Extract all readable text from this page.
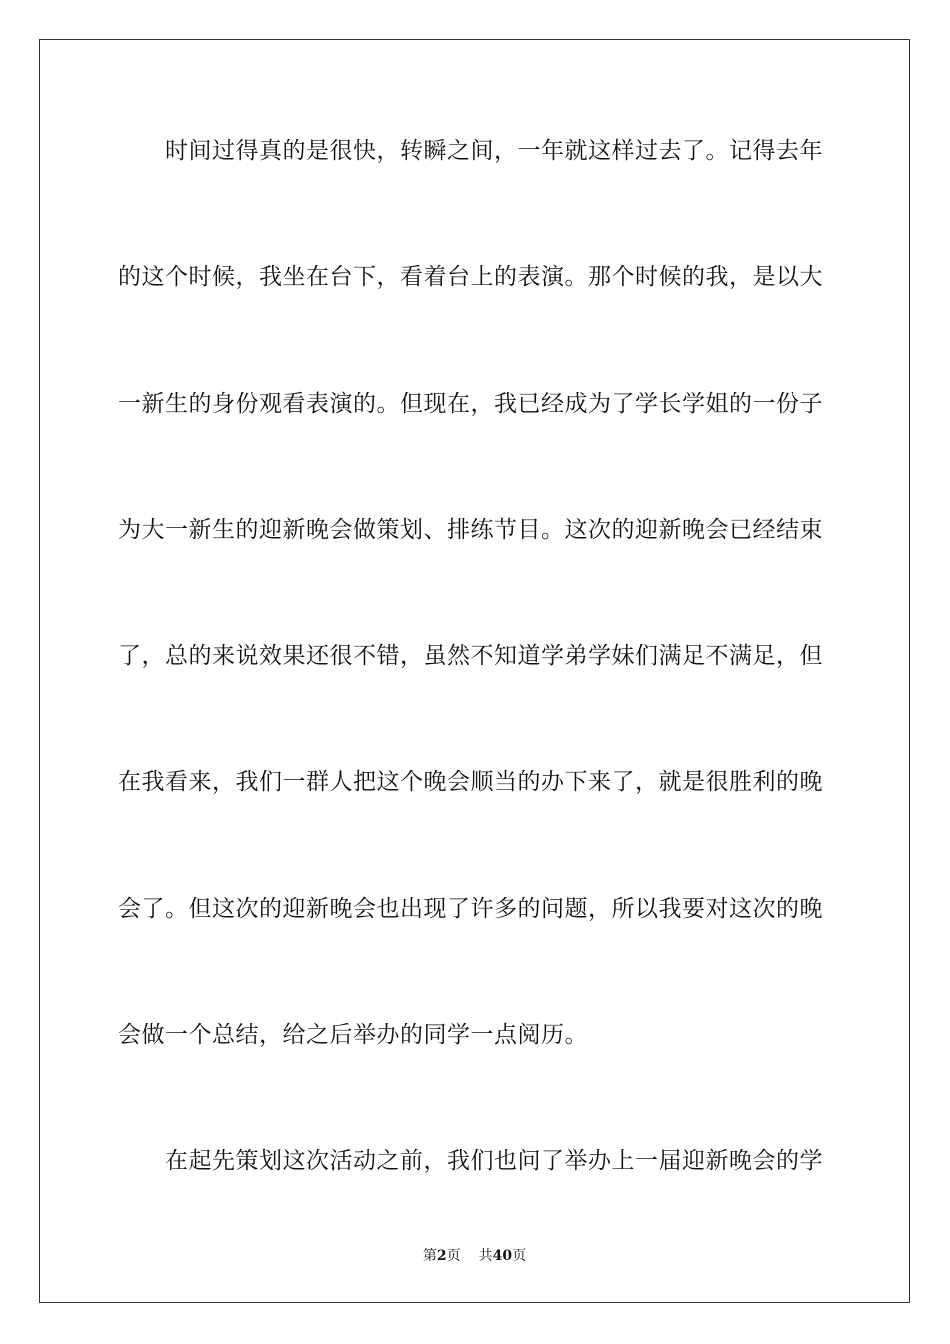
时间过得真的是很快，转瞬之间，一年就这样过去了。记得去年
的这个时候，我坐在台下，看着台上的表演。那个时候的我，是以大
一新生的身份观看表演的。但现在，我已经成为了学长学姐的一份子
为大一新生的迎新晚会做策划、排练节目。这次的迎新晚会已经结束
了，总的来说效果还很不错，虽然不知道学弟学妹们满足不满足，但
在我看来，我们一群人把这个晚会顺当的办下来了，就是很胜利的晚
会了。但这次的迎新晚会也出现了许多的问题，所以我要对这次的晚
会做一个总结，给之后举办的同学一点阅历。
在起先策划这次活动之前，我们也问了举办上一届迎新晚会的学
第2页 共40页
